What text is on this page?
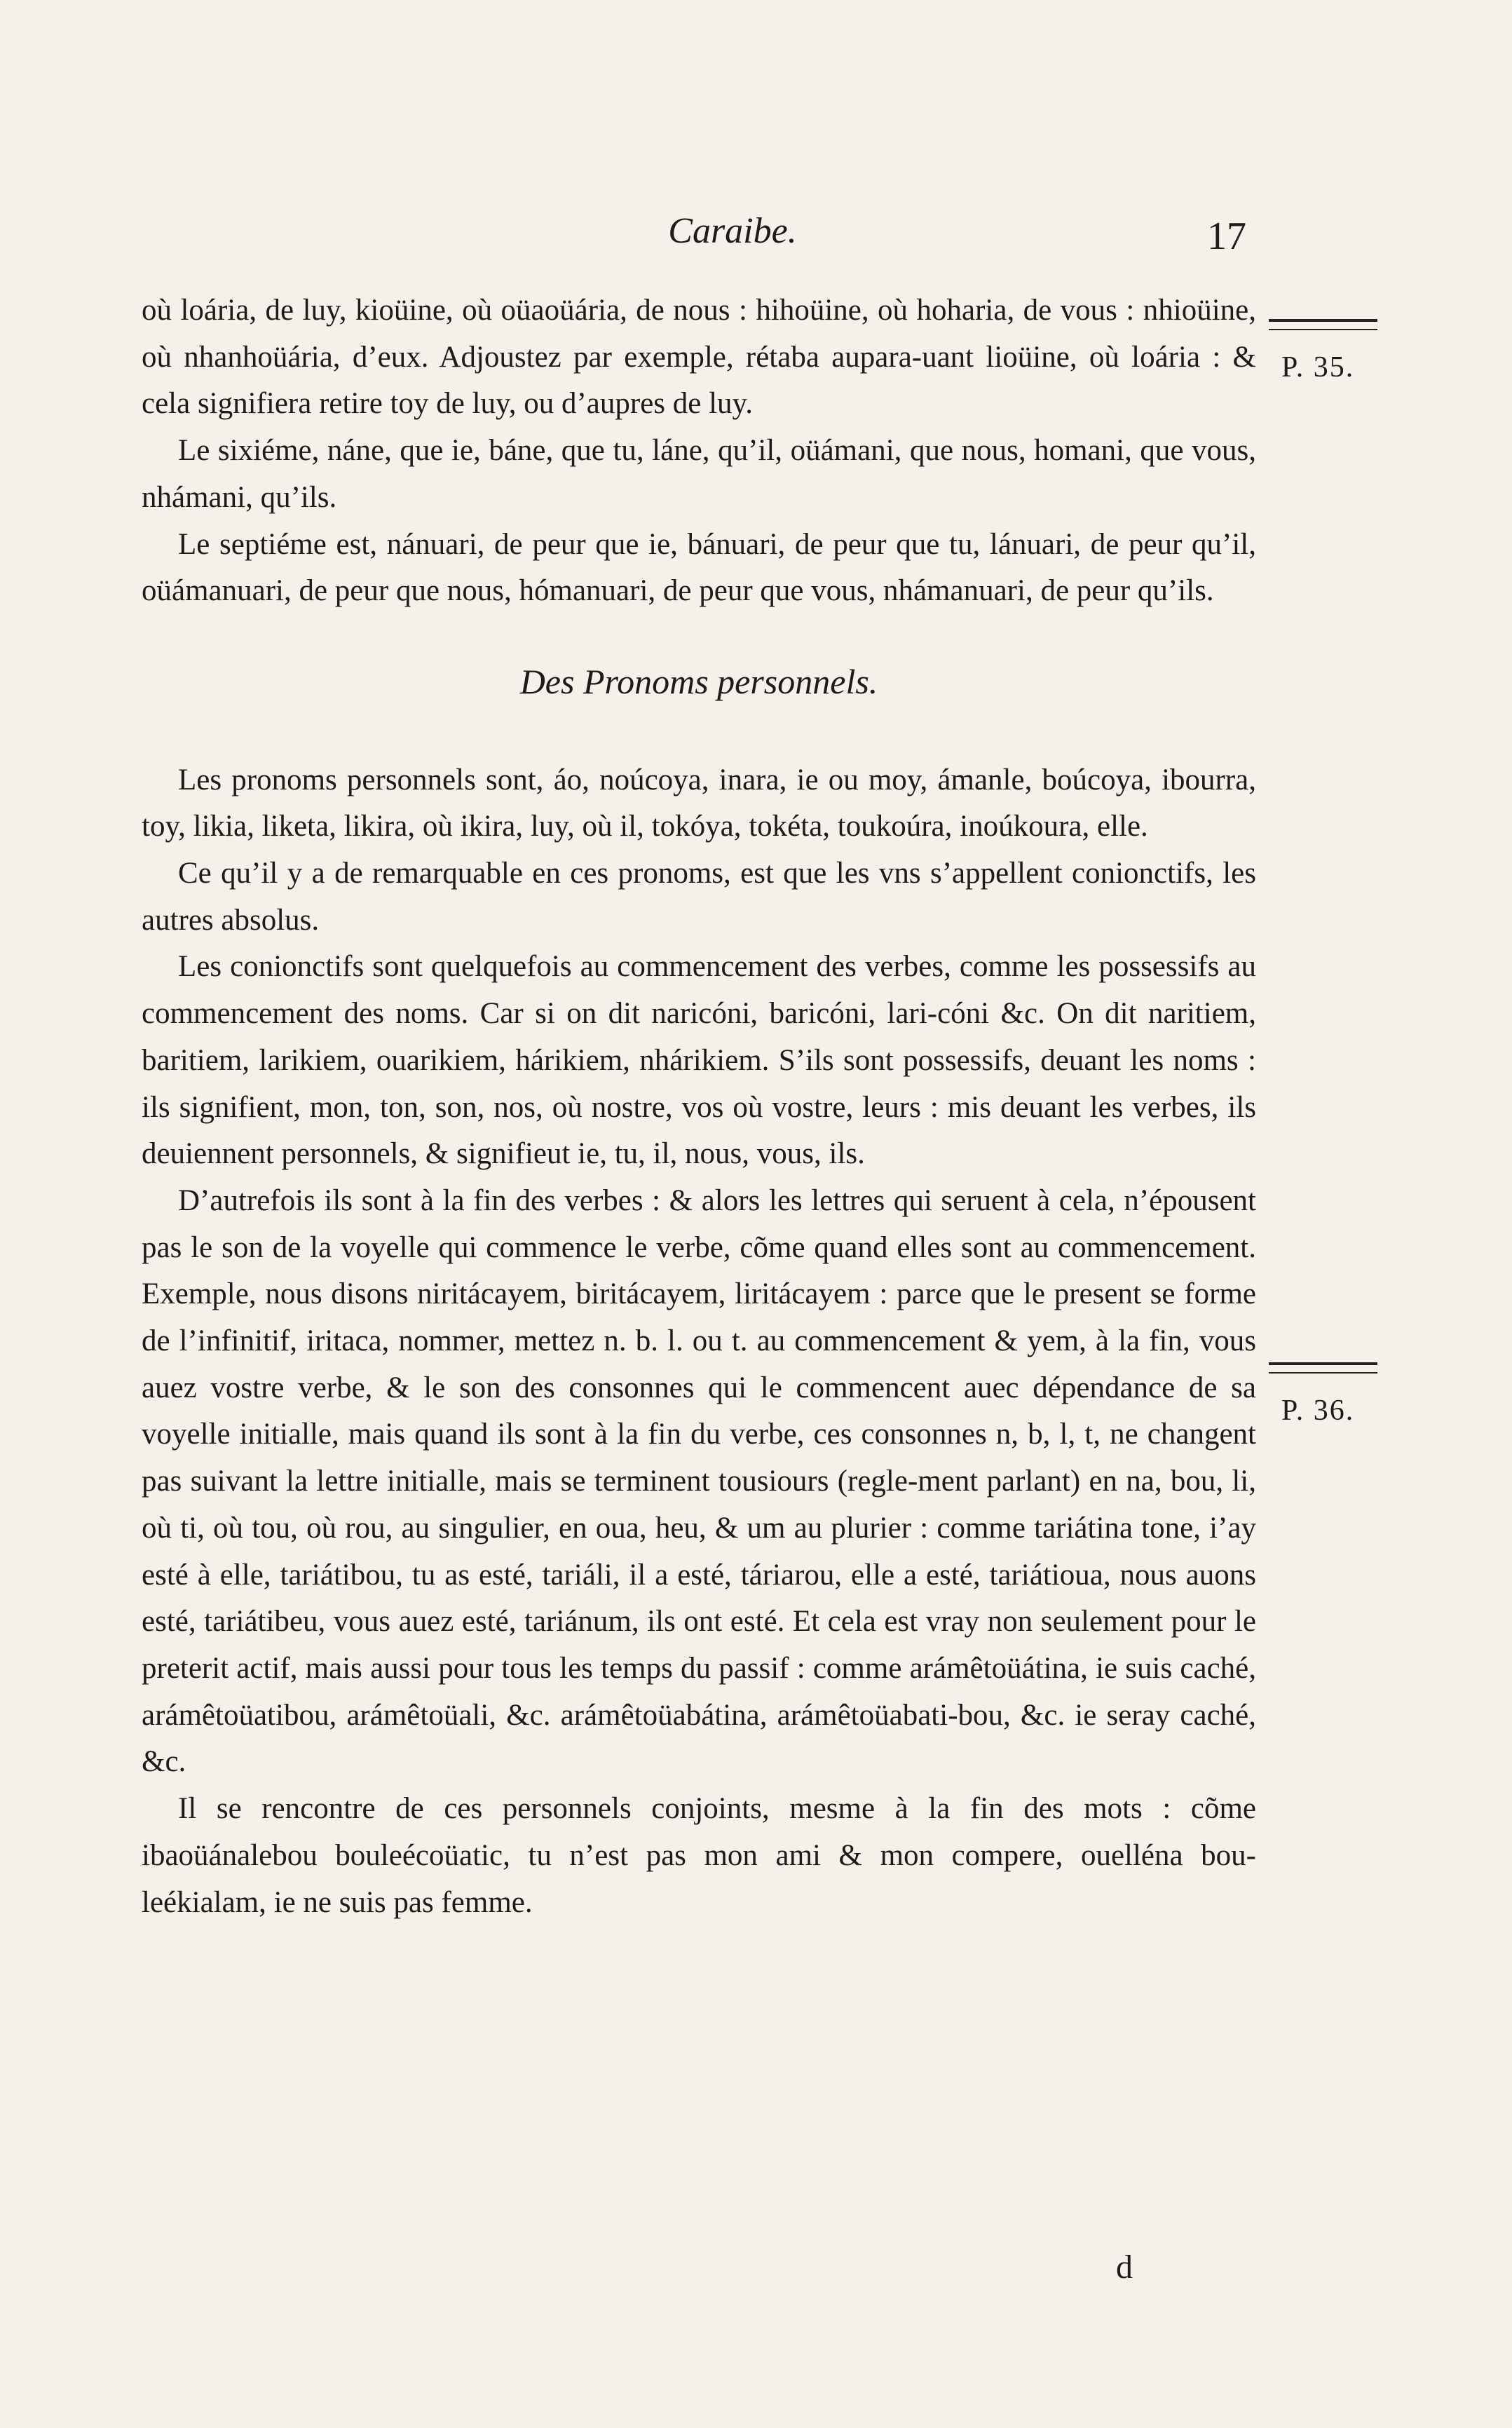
Caraibe.	17
P. 35.
P. 36.

où loária, de luy, kioüine, où oüaoüária, de nous : hihoüine, où hoharia, de vous : nhioüine, où nhanhoüária, d’eux. Adjoustez par exemple, rétaba aupara-uant lioüine, où loária : & cela signifiera retire toy de luy, ou d’aupres de luy.

Le sixiéme, náne, que ie, báne, que tu, láne, qu’il, oüámani, que nous, homani, que vous, nhámani, qu’ils.

Le septiéme est, nánuari, de peur que ie, bánuari, de peur que tu, lánuari, de peur qu’il, oüámanuari, de peur que nous, hómanuari, de peur que vous, nhámanuari, de peur qu’ils.

Des Pronoms personnels.

Les pronoms personnels sont, áo, noúcoya, inara, ie ou moy, ámanle, boúcoya, ibourra, toy, likia, liketa, likira, où ikira, luy, où il, tokóya, tokéta, toukoúra, inoúkoura, elle.

Ce qu’il y a de remarquable en ces pronoms, est que les vns s’appellent conionctifs, les autres absolus.

Les conionctifs sont quelquefois au commencement des verbes, comme les possessifs au commencement des noms. Car si on dit naricóni, baricóni, lari-cóni &c. On dit naritiem, baritiem, larikiem, ouarikiem, hárikiem, nhárikiem. S’ils sont possessifs, deuant les noms : ils signifient, mon, ton, son, nos, où nostre, vos où vostre, leurs : mis deuant les verbes, ils deuiennent personnels, & signifieut ie, tu, il, nous, vous, ils.

D’autrefois ils sont à la fin des verbes : & alors les lettres qui seruent à cela, n’épousent pas le son de la voyelle qui commence le verbe, cõme quand elles sont au commencement. Exemple, nous disons niritácayem, biritácayem, liritácayem : parce que le present se forme de l’infinitif, iritaca, nommer, mettez n. b. l. ou t. au commencement & yem, à la fin, vous auez vostre verbe, & le son des consonnes qui le commencent auec dépendance de sa voyelle initialle, mais quand ils sont à la fin du verbe, ces consonnes n, b, l, t, ne changent pas suivant la lettre initialle, mais se terminent tousiours (regle-ment parlant) en na, bou, li, où ti, où tou, où rou, au singulier, en oua, heu, & um au plurier : comme tariátina tone, i’ay esté à elle, tariátibou, tu as esté, tariáli, il a esté, táriarou, elle a esté, tariátioua, nous auons esté, tariátibeu, vous auez esté, tariánum, ils ont esté. Et cela est vray non seulement pour le preterit actif, mais aussi pour tous les temps du passif : comme arámêtoüátina, ie suis caché, arámêtoüatibou, arámêtoüali, &c. arámêtoüabátina, arámêtoüabati-bou, &c. ie seray caché, &c.

Il se rencontre de ces personnels conjoints, mesme à la fin des mots : cõme ibaoüánalebou bouleécoüatic, tu n’est pas mon ami & mon compere, ouelléna bou-leékialam, ie ne suis pas femme.

d
